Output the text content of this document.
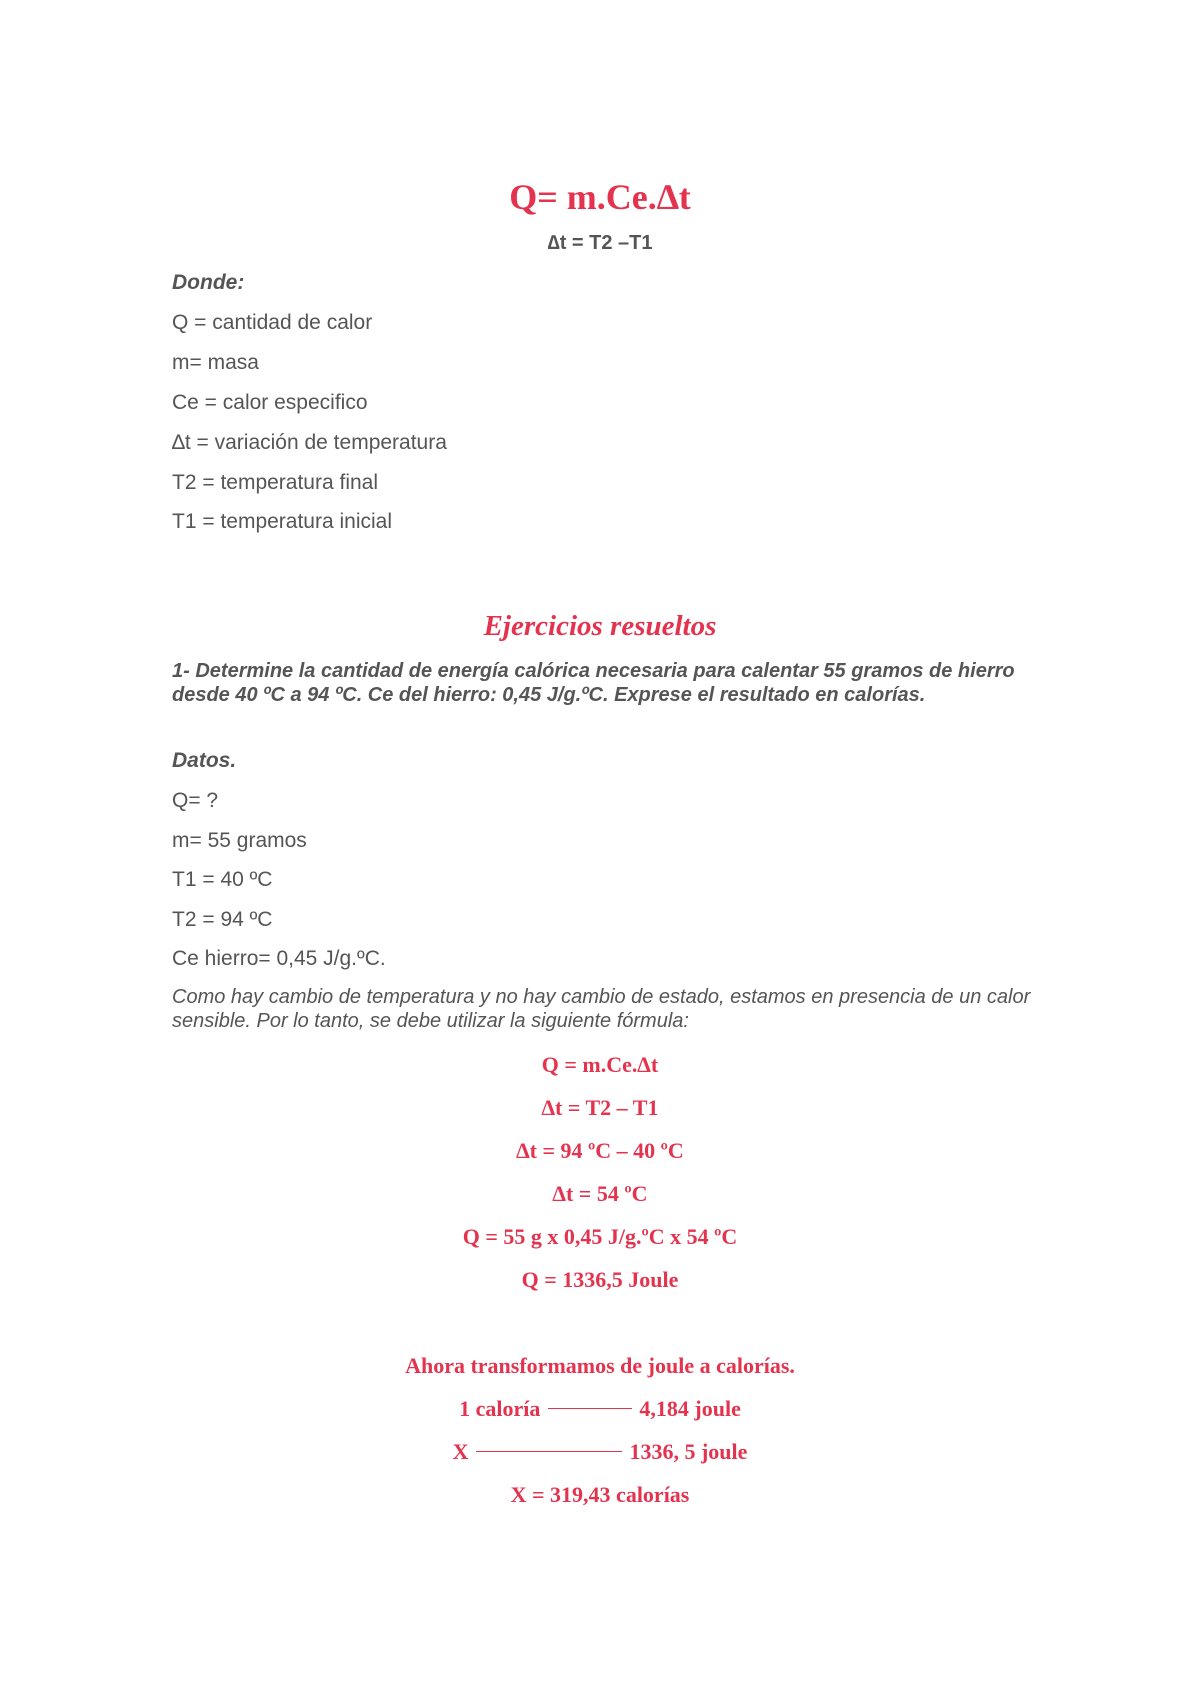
Q= m.Ce.∆t
∆t = T2 –T1
Donde:
Q = cantidad de calor
m= masa
Ce = calor especifico
∆t = variación de temperatura
T2 = temperatura final
T1 = temperatura inicial
Ejercicios resueltos
1- Determine la cantidad de energía calórica necesaria para calentar 55 gramos de hierro desde 40 ºC a 94 ºC. Ce del hierro: 0,45 J/g.ºC. Exprese el resultado en calorías.
Datos.
Q= ?
m= 55 gramos
T1 = 40 ºC
T2 = 94 ºC
Ce hierro= 0,45 J/g.ºC.
Como hay cambio de temperatura y no hay cambio de estado, estamos en presencia de un calor sensible. Por lo tanto, se debe utilizar la siguiente fórmula:
Q = m.Ce.∆t
∆t = T2 – T1
∆t = 94 ºC – 40 ºC
∆t = 54 ºC
Q = 55 g x 0,45 J/g.ºC x 54 ºC
Q = 1336,5 Joule
Ahora transformamos de joule a calorías.
1 caloría	4,184 joule
X	1336, 5 joule
X = 319,43 calorías
